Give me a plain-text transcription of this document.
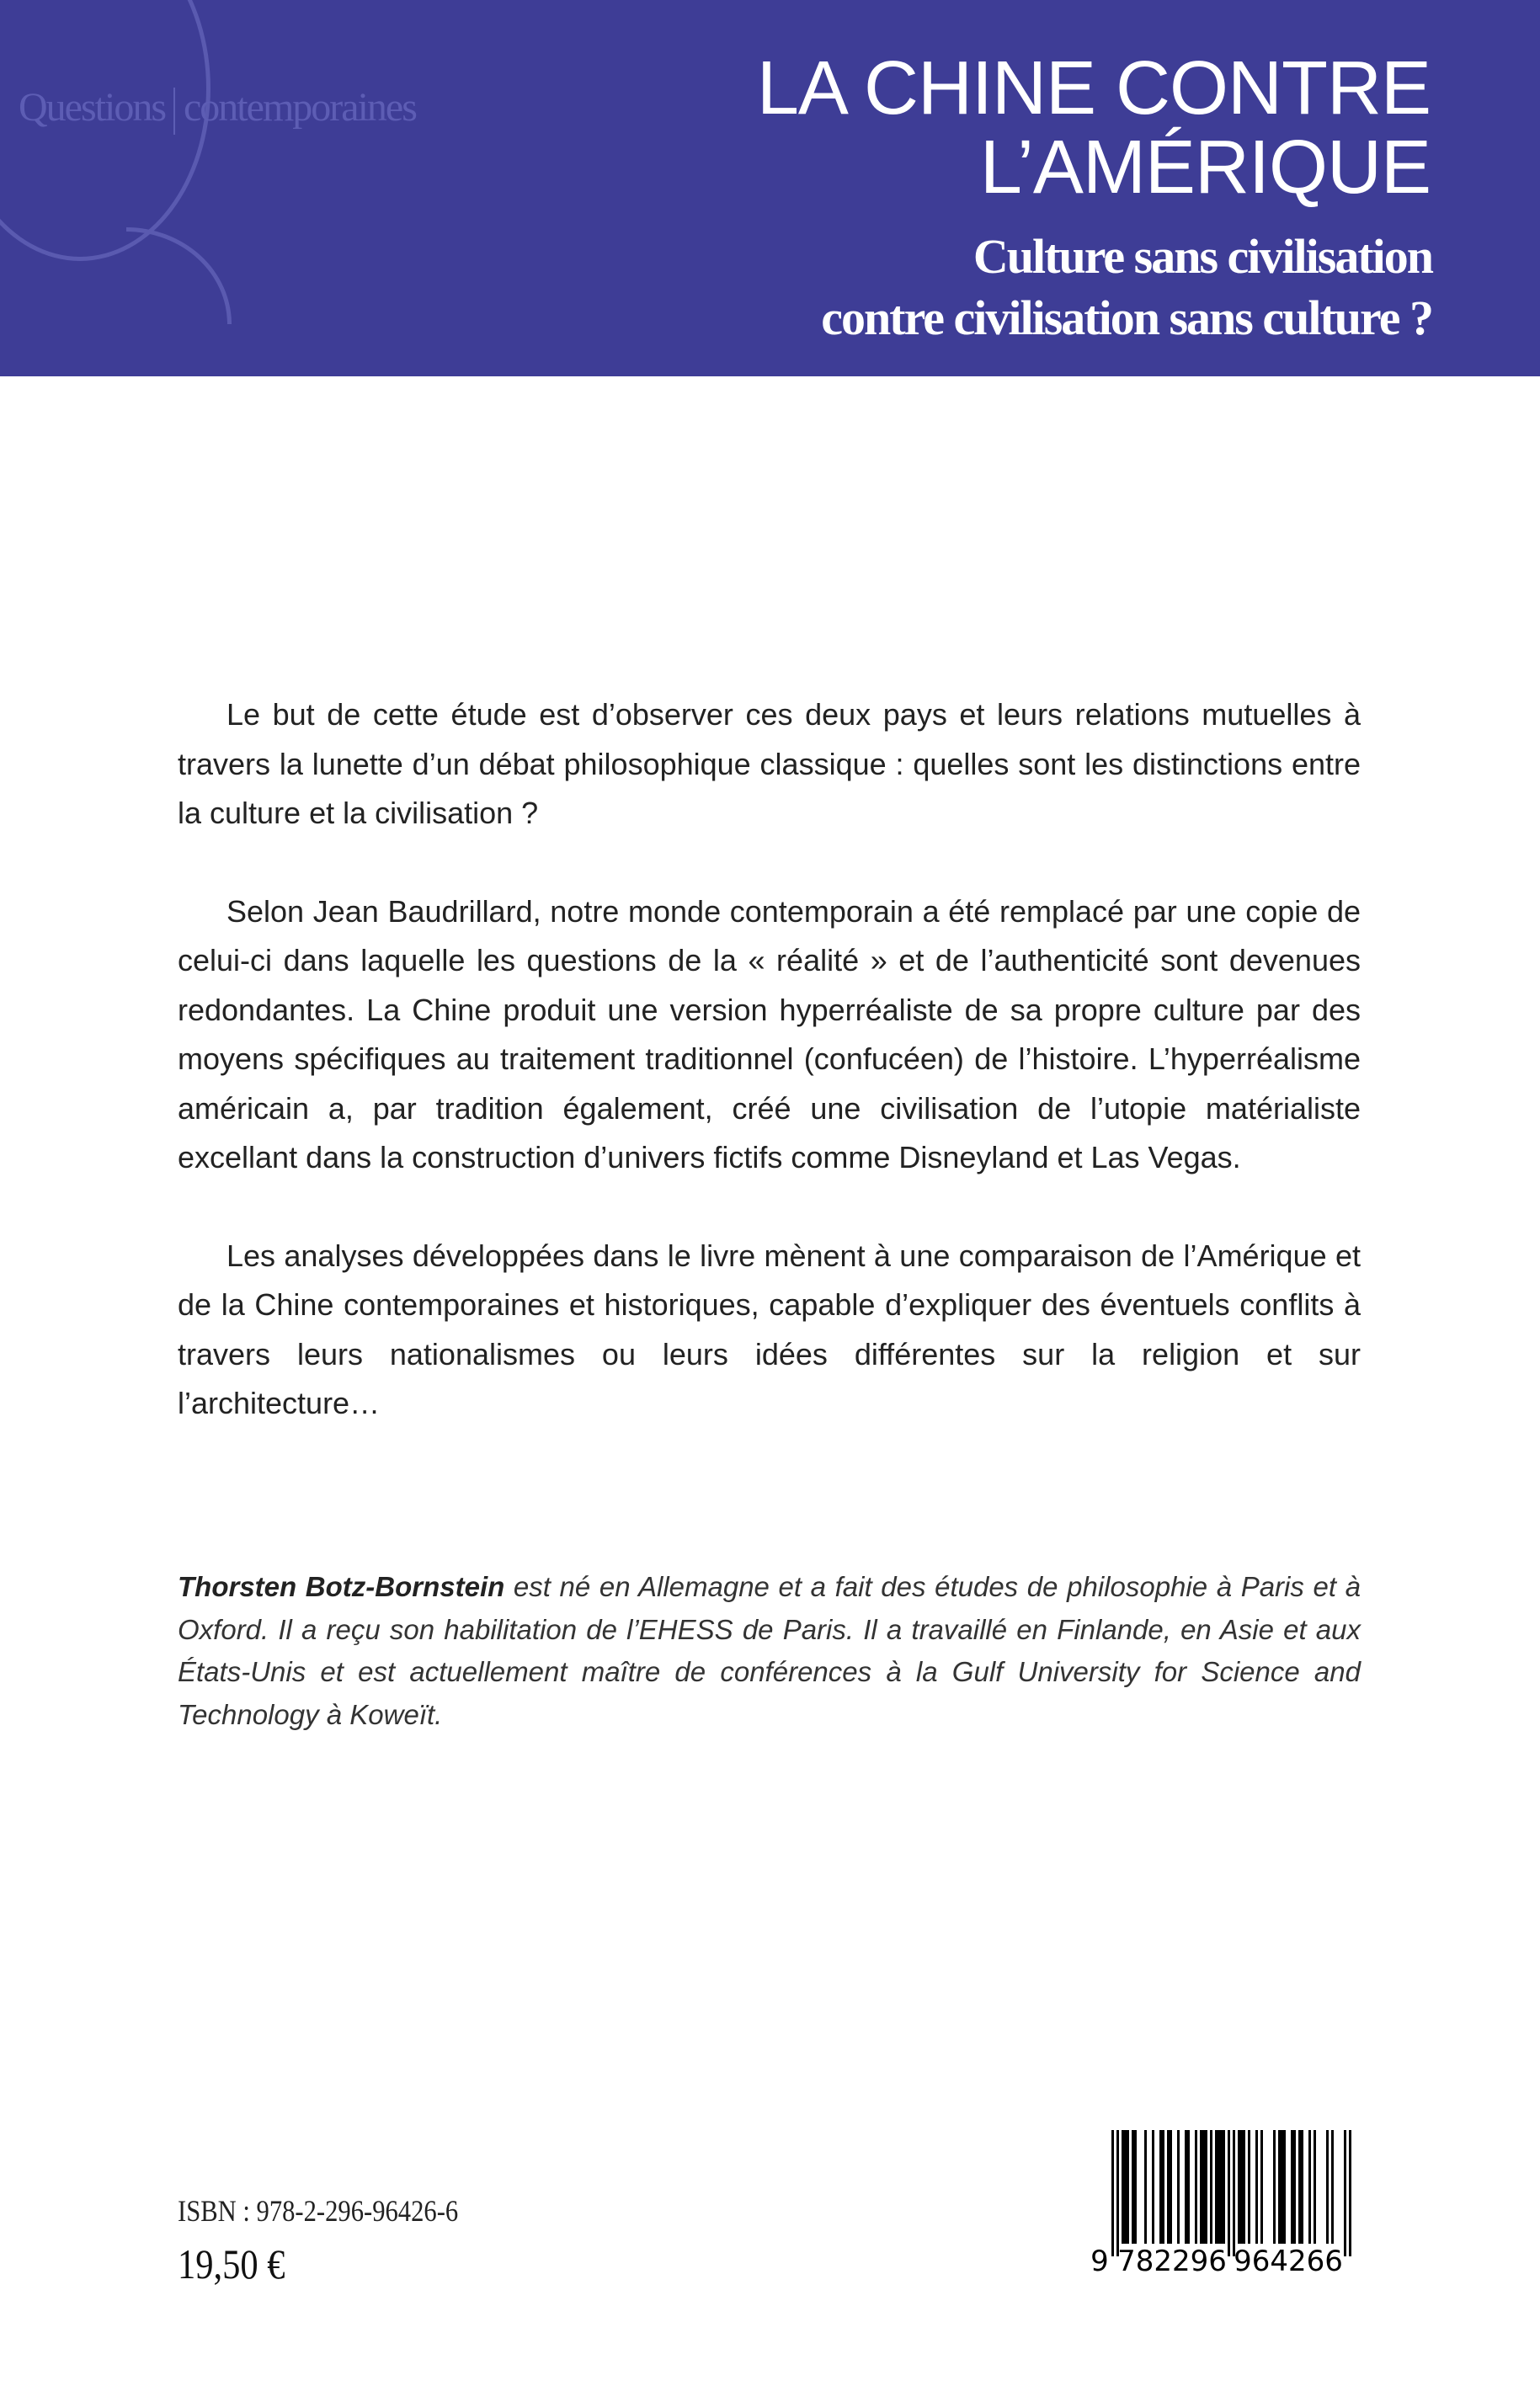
Questions contemporaines	LA CHINE CONTRE
L’AMÉRIQUE
Culture sans civilisation
contre civilisation sans culture ?

Le but de cette étude est d’observer ces deux pays et leurs relations mutuelles à travers la lunette d’un débat philosophique classique : quelles sont les distinctions entre la culture et la civilisation ?

Selon Jean Baudrillard, notre monde contemporain a été remplacé par une copie de celui-ci dans laquelle les questions de la « réalité » et de l’authenticité sont devenues redondantes. La Chine produit une version hyperréaliste de sa propre culture par des moyens spécifiques au traitement traditionnel (confucéen) de l’histoire. L’hyperréalisme américain a, par tradition également, créé une civilisation de l’utopie matérialiste excellant dans la construction d’univers fictifs comme Disneyland et Las Vegas.

Les analyses développées dans le livre mènent à une comparaison de l’Amérique et de la Chine contemporaines et historiques, capable d’expliquer des éventuels conflits à travers leurs nationalismes ou leurs idées différentes sur la religion et sur l’architecture…

Thorsten Botz-Bornstein est né en Allemagne et a fait des études de philosophie à Paris et à Oxford. Il a reçu son habilitation de l’EHESS de Paris. Il a travaillé en Finlande, en Asie et aux États-Unis et est actuellement maître de conférences à la Gulf University for Science and Technology à Koweït.
ISBN : 978-2-296-96426-6
19,50 €	9 782296 964266
